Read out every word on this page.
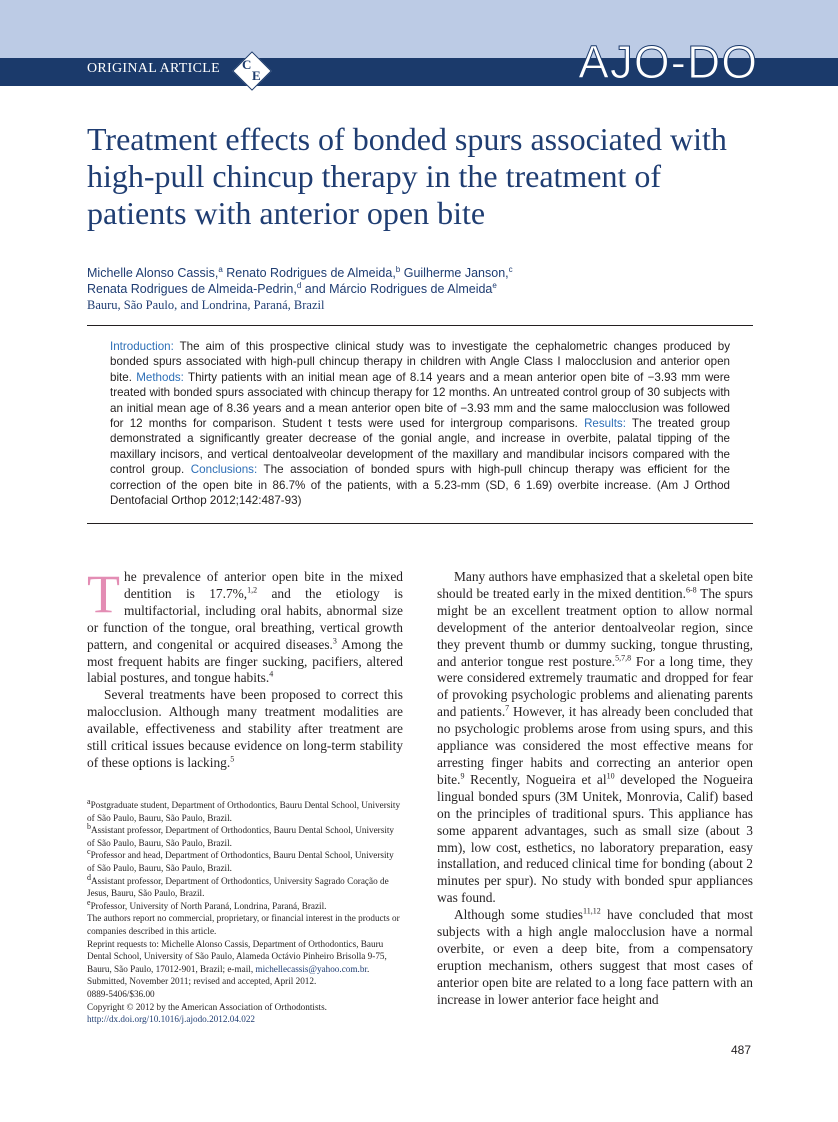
ORIGINAL ARTICLE C
E	AJO-DO
Treatment effects of bonded spurs associated with high-pull chincup therapy in the treatment of patients with anterior open bite
Michelle Alonso Cassis,$^a$ Renato Rodrigues de Almeida,$^b$ Guilherme Janson,$^c$
Renata Rodrigues de Almeida-Pedrin,$^d$ and Márcio Rodrigues de Almeida$^e$
Bauru, São Paulo, and Londrina, Paraná, Brazil
Introduction: The aim of this prospective clinical study was to investigate the cephalometric changes produced by bonded spurs associated with high-pull chincup therapy in children with Angle Class I malocclusion and anterior open bite. Methods: Thirty patients with an initial mean age of 8.14 years and a mean anterior open bite of −3.93 mm were treated with bonded spurs associated with chincup therapy for 12 months. An untreated control group of 30 subjects with an initial mean age of 8.36 years and a mean anterior open bite of −3.93 mm and the same malocclusion was followed for 12 months for comparison. Student t tests were used for intergroup comparisons. Results: The treated group demonstrated a significantly greater decrease of the gonial angle, and increase in overbite, palatal tipping of the maxillary incisors, and vertical dentoalveolar development of the maxillary and mandibular incisors compared with the control group. Conclusions: The association of bonded spurs with high-pull chincup therapy was efficient for the correction of the open bite in 86.7% of the patients, with a 5.23-mm (SD, 6 1.69) overbite increase. (Am J Orthod Dentofacial Orthop 2012;142:487-93)

The prevalence of anterior open bite in the mixed dentition is 17.7%,$^{1,2}$ and the etiology is multifactorial, including oral habits, abnormal size or function of the tongue, oral breathing, vertical growth pattern, and congenital or acquired diseases.$^3$ Among the most frequent habits are finger sucking, pacifiers, altered labial postures, and tongue habits.$^4$

Several treatments have been proposed to correct this malocclusion. Although many treatment modalities are available, effectiveness and stability after treatment are still critical issues because evidence on long-term stability of these options is lacking.$^5$

$^a$Postgraduate student, Department of Orthodontics, Bauru Dental School, University of São Paulo, Bauru, São Paulo, Brazil.

$^b$Assistant professor, Department of Orthodontics, Bauru Dental School, University of São Paulo, Bauru, São Paulo, Brazil.

$^c$Professor and head, Department of Orthodontics, Bauru Dental School, University of São Paulo, Bauru, São Paulo, Brazil.

$^d$Assistant professor, Department of Orthodontics, University Sagrado Coração de Jesus, Bauru, São Paulo, Brazil.

$^e$Professor, University of North Paraná, Londrina, Paraná, Brazil.

The authors report no commercial, proprietary, or financial interest in the products or companies described in this article.

Reprint requests to: Michelle Alonso Cassis, Department of Orthodontics, Bauru Dental School, University of São Paulo, Alameda Octávio Pinheiro Brisolla 9-75, Bauru, São Paulo, 17012-901, Brazil; e-mail, michellecassis@yahoo.com.br.

Submitted, November 2011; revised and accepted, April 2012.

0889-5406/$36.00

Copyright © 2012 by the American Association of Orthodontists.

http://dx.doi.org/10.1016/j.ajodo.2012.04.022

Many authors have emphasized that a skeletal open bite should be treated early in the mixed dentition.$^{6-8}$ The spurs might be an excellent treatment option to allow normal development of the anterior dentoalveolar region, since they prevent thumb or dummy sucking, tongue thrusting, and anterior tongue rest posture.$^{5,7,8}$ For a long time, they were considered extremely traumatic and dropped for fear of provoking psychologic problems and alienating parents and patients.$^7$ However, it has already been concluded that no psychologic problems arose from using spurs, and this appliance was considered the most effective means for arresting finger habits and correcting an anterior open bite.$^9$ Recently, Nogueira et $al^{10}$ developed the Nogueira lingual bonded spurs (3M Unitek, Monrovia, Calif) based on the principles of traditional spurs. This appliance has some apparent advantages, such as small size (about 3 mm), low cost, esthetics, no laboratory preparation, easy installation, and reduced clinical time for bonding (about 2 minutes per spur). No study with bonded spur appliances was found.

Although some studies$^{11,12}$ have concluded that most subjects with a high angle malocclusion have a normal overbite, or even a deep bite, from a compensatory eruption mechanism, others suggest that most cases of anterior open bite are related to a long face pattern with an increase in lower anterior face height and

487
